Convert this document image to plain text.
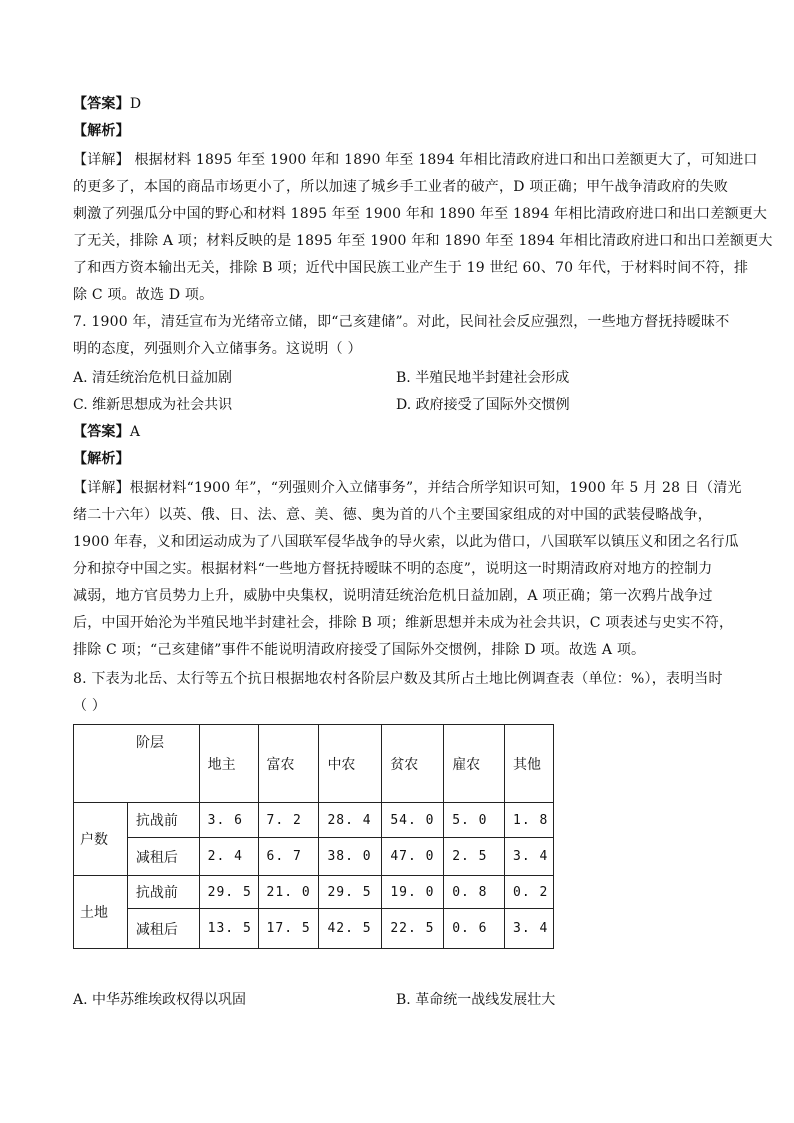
【答案】D
【解析】
【详解】 根据材料 1895 年至 1900 年和 1890 年至 1894 年相比清政府进口和出口差额更大了，可知进口
的更多了，本国的商品市场更小了，所以加速了城乡手工业者的破产，D 项正确；甲午战争清政府的失败
刺激了列强瓜分中国的野心和材料 1895 年至 1900 年和 1890 年至 1894 年相比清政府进口和出口差额更大
了无关，排除 A 项；材料反映的是 1895 年至 1900 年和 1890 年至 1894 年相比清政府进口和出口差额更大
了和西方资本输出无关，排除 B 项；近代中国民族工业产生于 19 世纪 60、70 年代，于材料时间不符，排
除 C 项。故选 D 项。
7. 1900 年，清廷宣布为光绪帝立储，即“己亥建储”。对此，民间社会反应强烈，一些地方督抚持暧昧不
明的态度，列强则介入立储事务。这说明（ ）
A. 清廷统治危机日益加剧	B. 半殖民地半封建社会形成
C. 维新思想成为社会共识	D. 政府接受了国际外交惯例
【答案】A
【解析】
【详解】根据材料“1900 年”，“列强则介入立储事务”，并结合所学知识可知，1900 年 5 月 28 日（清光
绪二十六年）以英、俄、日、法、意、美、德、奥为首的八个主要国家组成的对中国的武装侵略战争，
1900 年春，义和团运动成为了八国联军侵华战争的导火索，以此为借口，八国联军以镇压义和团之名行瓜
分和掠夺中国之实。根据材料“一些地方督抚持暧昧不明的态度”，说明这一时期清政府对地方的控制力
减弱，地方官员势力上升，威胁中央集权，说明清廷统治危机日益加剧，A 项正确；第一次鸦片战争过
后，中国开始沦为半殖民地半封建社会，排除 B 项；维新思想并未成为社会共识，C 项表述与史实不符，
排除 C 项；“己亥建储”事件不能说明清政府接受了国际外交惯例，排除 D 项。故选 A 项。
8. 下表为北岳、太行等五个抗日根据地农村各阶层户数及其所占土地比例调查表（单位：%），表明当时
（ ）
阶层		地主	富农	中农	贫农	雇农	其他
户数	抗战前	3. 6	7. 2	28. 4	54. 0	5. 0	1. 8
	减租后	2. 4	6. 7	38. 0	47. 0	2. 5	3. 4
土地	抗战前	29. 5	21. 0	29. 5	19. 0	0. 8	0. 2
	减租后	13. 5	17. 5	42. 5	22. 5	0. 6	3. 4
A. 中华苏维埃政权得以巩固	B. 革命统一战线发展壮大
